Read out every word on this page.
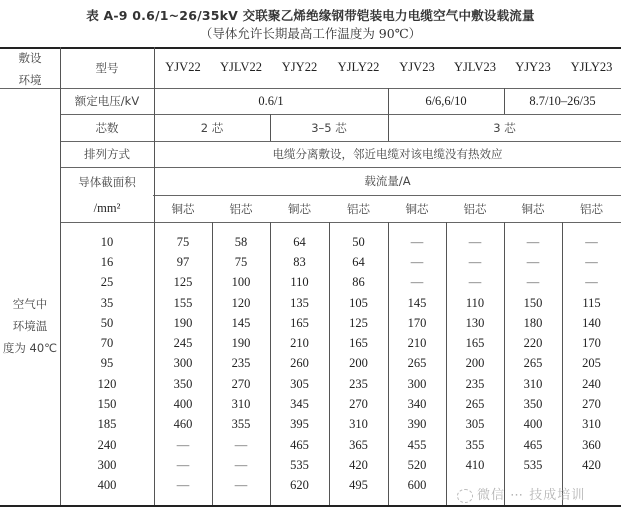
表 A-9 0.6/1~26/35kV 交联聚乙烯绝缘钢带铠装电力电缆空气中敷设载流量
（导体允许长期最高工作温度为 90℃）
敷设
环境
型号	YJV22	YJLV22	YJY22	YJLY22	YJV23	YJLV23	YJY23	YJLY23
额定电压/kV	0.6/1	6/6,6/10	8.7/10–26/35
芯数	2 芯	3–5 芯	3 芯
排列方式	电缆分离敷设，邻近电缆对该电缆没有热效应
导体截面积
/mm²
载流量/A
铜芯	铝芯	铜芯	铝芯	铜芯	铝芯	铜芯	铝芯
空气中
环境温
度为 40℃
10	75	58	64	50	—	—	—	—
16	97	75	83	64	—	—	—	—
25	125	100	110	86	—	—	—	—
35	155	120	135	105	145	110	150	115
50	190	145	165	125	170	130	180	140
70	245	190	210	165	210	165	220	170
95	300	235	260	200	265	200	265	205
120	350	270	305	235	300	235	310	240
150	400	310	345	270	340	265	350	270
185	460	355	395	310	390	305	400	310
240	—	—	465	365	455	355	465	360
300	—	—	535	420	520	410	535	420
400	—	—	620	495	600
微信 ⋯ 技成培训
